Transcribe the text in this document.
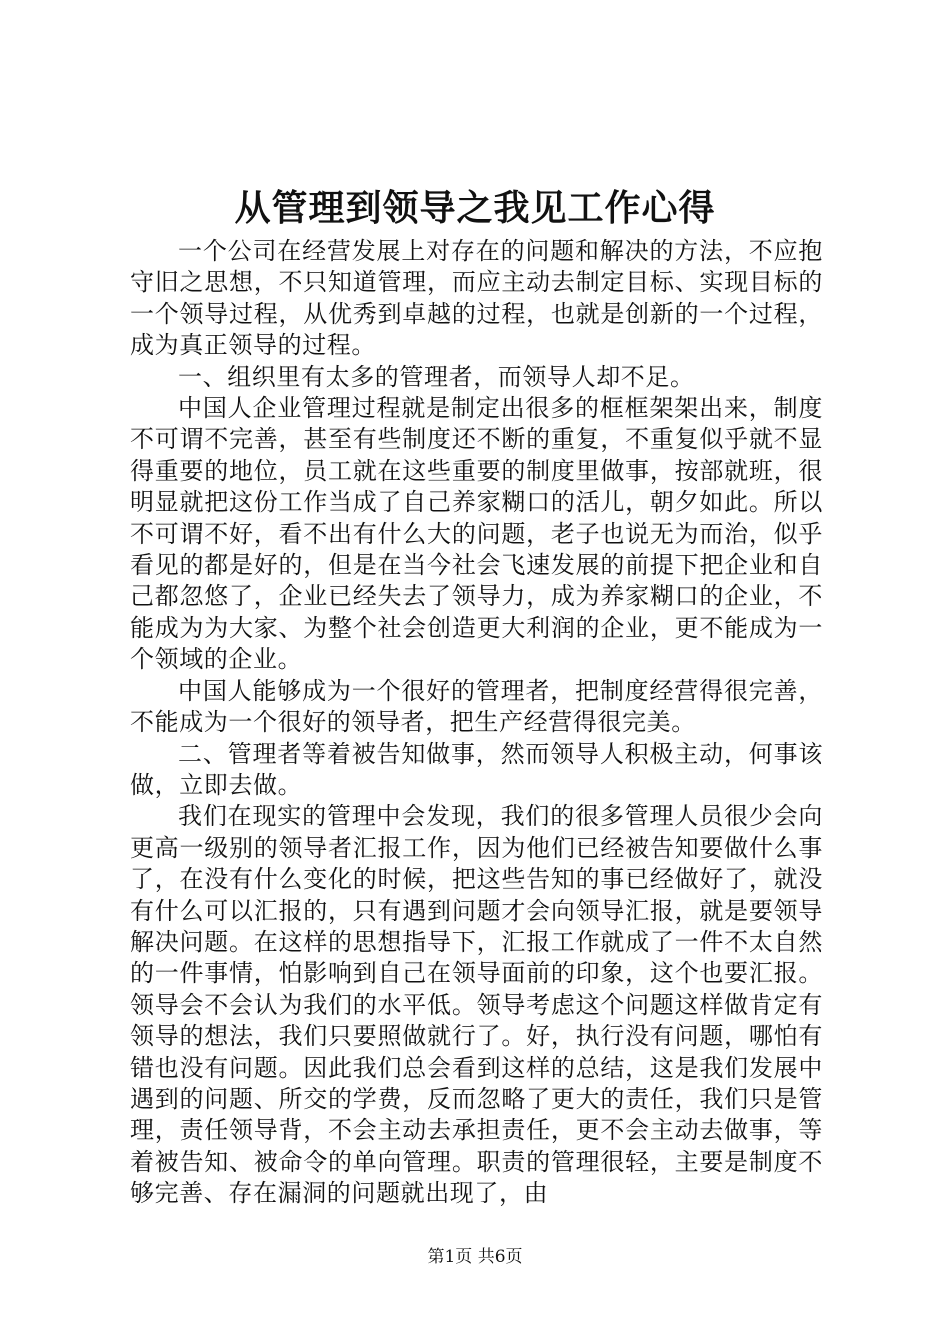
从管理到领导之我见工作心得

一个公司在经营发展上对存在的问题和解决的方法，不应抱守旧之思想，不只知道管理，而应主动去制定目标、实现目标的一个领导过程，从优秀到卓越的过程，也就是创新的一个过程，成为真正领导的过程。

一、组织里有太多的管理者，而领导人却不足。

中国人企业管理过程就是制定出很多的框框架架出来，制度不可谓不完善，甚至有些制度还不断的重复，不重复似乎就不显得重要的地位，员工就在这些重要的制度里做事，按部就班，很明显就把这份工作当成了自己养家糊口的活儿，朝夕如此。所以不可谓不好，看不出有什么大的问题，老子也说无为而治，似乎看见的都是好的，但是在当今社会飞速发展的前提下把企业和自己都忽悠了，企业已经失去了领导力，成为养家糊口的企业，不能成为为大家、为整个社会创造更大利润的企业，更不能成为一个领域的企业。

中国人能够成为一个很好的管理者，把制度经营得很完善，不能成为一个很好的领导者，把生产经营得很完美。

二、管理者等着被告知做事，然而领导人积极主动，何事该做，立即去做。

我们在现实的管理中会发现，我们的很多管理人员很少会向更高一级别的领导者汇报工作，因为他们已经被告知要做什么事了，在没有什么变化的时候，把这些告知的事已经做好了，就没有什么可以汇报的，只有遇到问题才会向领导汇报，就是要领导解决问题。在这样的思想指导下，汇报工作就成了一件不太自然的一件事情，怕影响到自己在领导面前的印象，这个也要汇报。领导会不会认为我们的水平低。领导考虑这个问题这样做肯定有领导的想法，我们只要照做就行了。好，执行没有问题，哪怕有错也没有问题。因此我们总会看到这样的总结，这是我们发展中遇到的问题、所交的学费，反而忽略了更大的责任，我们只是管理，责任领导背，不会主动去承担责任，更不会主动去做事，等着被告知、被命令的单向管理。职责的管理很轻，主要是制度不够完善、存在漏洞的问题就出现了，由

第1页 共6页
